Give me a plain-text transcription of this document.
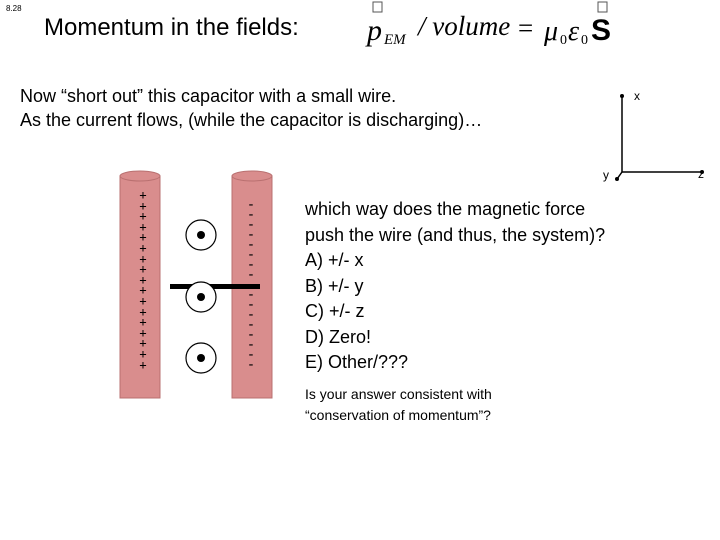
8.28
Momentum in the fields: p EM / volume = μ 0 ε 0 S
Now “short out” this capacitor with a small wire.
As the current flows, (while the capacitor is discharging)…
x
y	z
+++++++++++++++++
-----------------
which way does the magnetic force
push the wire (and thus, the system)?
A) +/- x
B) +/- y
C) +/- z
D) Zero!
E) Other/???
Is your answer consistent with
“conservation of momentum”?
